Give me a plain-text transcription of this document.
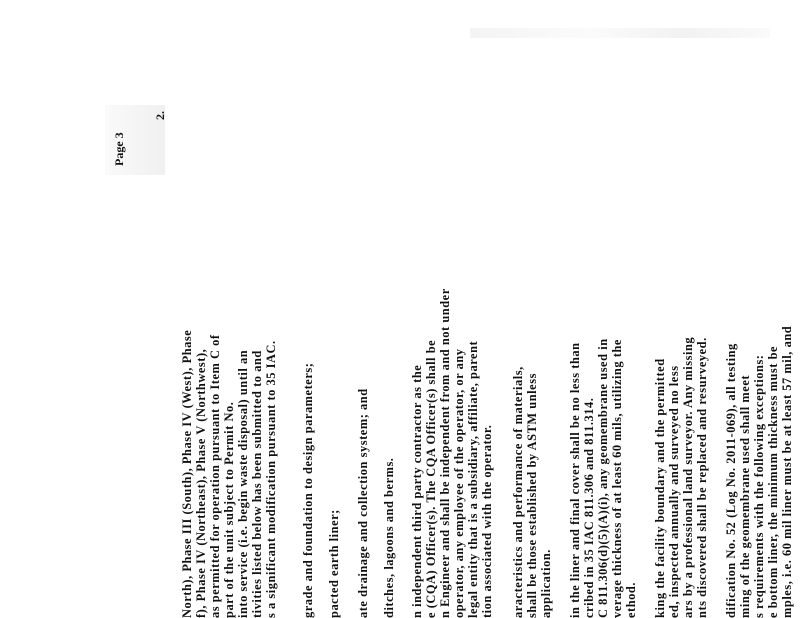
Page 3
2.
North), Phase III (South), Phase IV (West), Phase f), Phase IV (Northeast), Phase V (Northwest), as permitted for operation pursuant to Item C of part of the unit subject to Permit No. into service (i.e. begin waste disposal) until an tivities listed below has been submitted to and s a significant modification pursuant to 35 IAC. grade and foundation to design parameters; pacted earth liner; ate drainage and collection system; and ditches, lagoons and berms. n independent third party contractor as the e (CQA) Officer(s). The CQA Officer(s) shall be n Engineer and shall be independent from and not under operator, any employee of the operator, or any legal entity that is a subsidiary, affiliate, parent tion associated with the operator. aracteristics and performance of materials, shall be those established by ASTM unless application. in the liner and final cover shall be no less than cribed in 35 IAC 811.306 and 811.314. C 811.306(d)(5)(A)(i), any geomembrane used in verage thickness of at least 60 mils, utilizing the ethod. king the facility boundary and the permitted ed, inspected annually and surveyed no less ars by a professional land surveyor. Any missing nts discovered shall be replaced and resurveyed. dification No. 52 (Log No. 2011-069), all testing ming of the geomembrane used shall meet s requirements with the following exceptions: e bottom liner, the minimum thickness must be mples, i.e. 60 mil liner must be at least 57 mil, and
